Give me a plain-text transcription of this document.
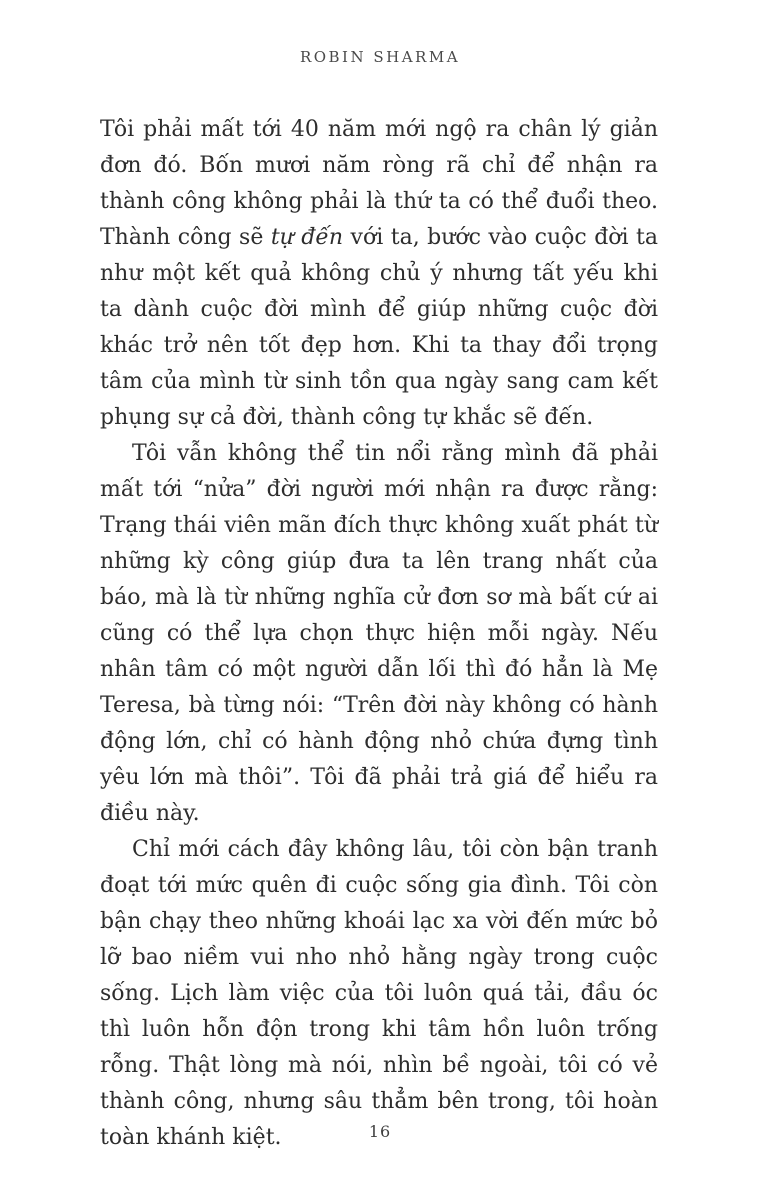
ROBIN SHARMA

Tôi phải mất tới 40 năm mới ngộ ra chân lý giản đơn đó. Bốn mươi năm ròng rã chỉ để nhận ra thành công không phải là thứ ta có thể đuổi theo. Thành công sẽ tự đến với ta, bước vào cuộc đời ta như một kết quả không chủ ý nhưng tất yếu khi ta dành cuộc đời mình để giúp những cuộc đời khác trở nên tốt đẹp hơn. Khi ta thay đổi trọng tâm của mình từ sinh tồn qua ngày sang cam kết phụng sự cả đời, thành công tự khắc sẽ đến.

Tôi vẫn không thể tin nổi rằng mình đã phải mất tới “nửa” đời người mới nhận ra được rằng: Trạng thái viên mãn đích thực không xuất phát từ những kỳ công giúp đưa ta lên trang nhất của báo, mà là từ những nghĩa cử đơn sơ mà bất cứ ai cũng có thể lựa chọn thực hiện mỗi ngày. Nếu nhân tâm có một người dẫn lối thì đó hẳn là Mẹ Teresa, bà từng nói: “Trên đời này không có hành động lớn, chỉ có hành động nhỏ chứa đựng tình yêu lớn mà thôi”. Tôi đã phải trả giá để hiểu ra điều này.

Chỉ mới cách đây không lâu, tôi còn bận tranh đoạt tới mức quên đi cuộc sống gia đình. Tôi còn bận chạy theo những khoái lạc xa vời đến mức bỏ lỡ bao niềm vui nho nhỏ hằng ngày trong cuộc sống. Lịch làm việc của tôi luôn quá tải, đầu óc thì luôn hỗn độn trong khi tâm hồn luôn trống rỗng. Thật lòng mà nói, nhìn bề ngoài, tôi có vẻ thành công, nhưng sâu thẳm bên trong, tôi hoàn toàn khánh kiệt.	16
